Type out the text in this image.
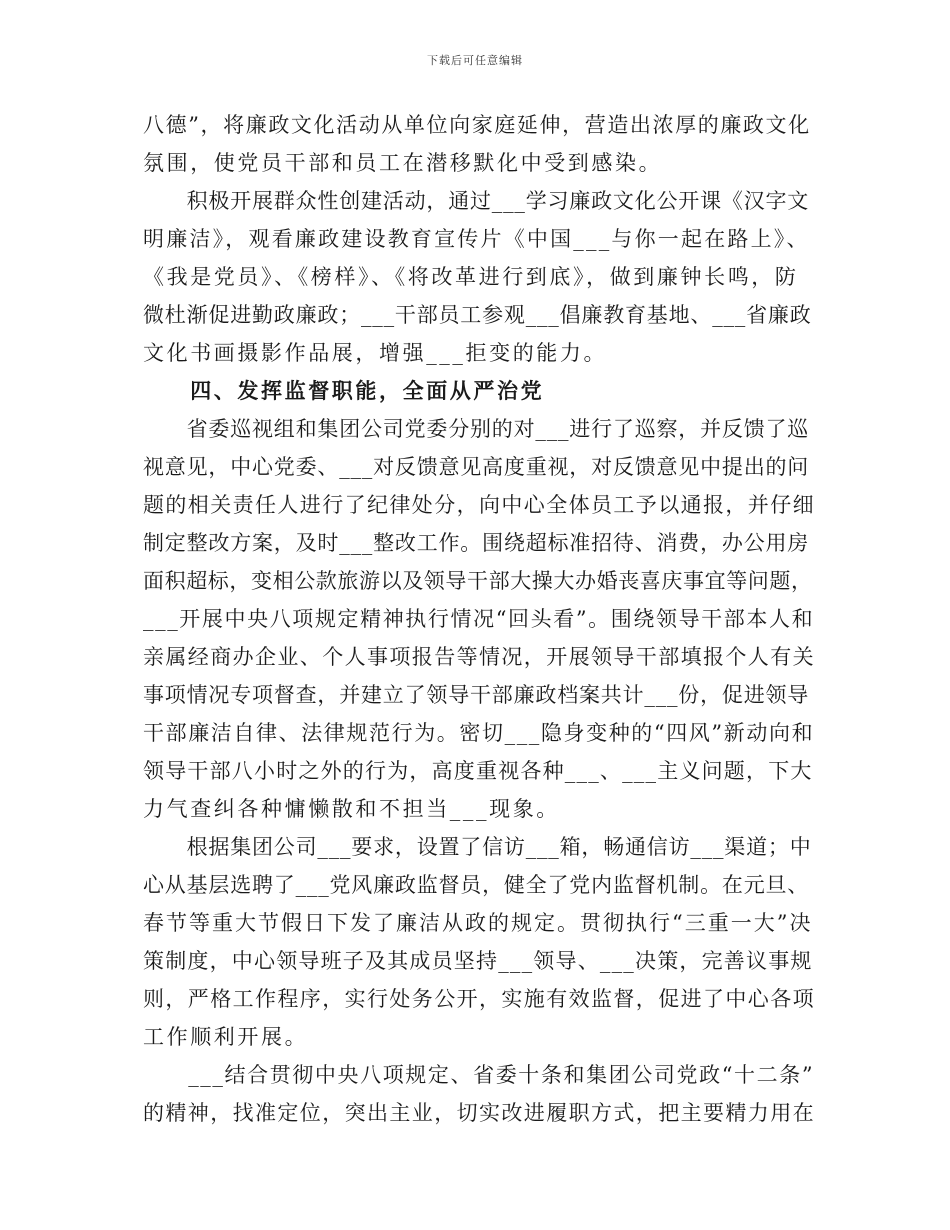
下载后可任意编辑
八德”，将廉政文化活动从单位向家庭延伸，营造出浓厚的廉政文化
氛围，使党员干部和员工在潜移默化中受到感染。
　　积极开展群众性创建活动，通过___学习廉政文化公开课《汉字文
明廉洁》，观看廉政建设教育宣传片《中国___与你一起在路上》、
《我是党员》、《榜样》、《将改革进行到底》，做到廉钟长鸣，防
微杜渐促进勤政廉政；___干部员工参观___倡廉教育基地、___省廉政
文化书画摄影作品展，增强___拒变的能力。
　　四、发挥监督职能，全面从严治党
　　省委巡视组和集团公司党委分别的对___进行了巡察，并反馈了巡
视意见，中心党委、___对反馈意见高度重视，对反馈意见中提出的问
题的相关责任人进行了纪律处分，向中心全体员工予以通报，并仔细
制定整改方案，及时___整改工作。围绕超标准招待、消费，办公用房
面积超标，变相公款旅游以及领导干部大操大办婚丧喜庆事宜等问题，
___开展中央八项规定精神执行情况“回头看”。围绕领导干部本人和
亲属经商办企业、个人事项报告等情况，开展领导干部填报个人有关
事项情况专项督查，并建立了领导干部廉政档案共计___份，促进领导
干部廉洁自律、法律规范行为。密切___隐身变种的“四风”新动向和
领导干部八小时之外的行为，高度重视各种___、___主义问题，下大
力气查纠各种慵懒散和不担当___现象。
　　根据集团公司___要求，设置了信访___箱，畅通信访___渠道；中
心从基层选聘了___党风廉政监督员，健全了党内监督机制。在元旦、
春节等重大节假日下发了廉洁从政的规定。贯彻执行“三重一大”决
策制度，中心领导班子及其成员坚持___领导、___决策，完善议事规
则，严格工作程序，实行处务公开，实施有效监督，促进了中心各项
工作顺利开展。
　　___结合贯彻中央八项规定、省委十条和集团公司党政“十二条”
的精神，找准定位，突出主业，切实改进履职方式，把主要精力用在
